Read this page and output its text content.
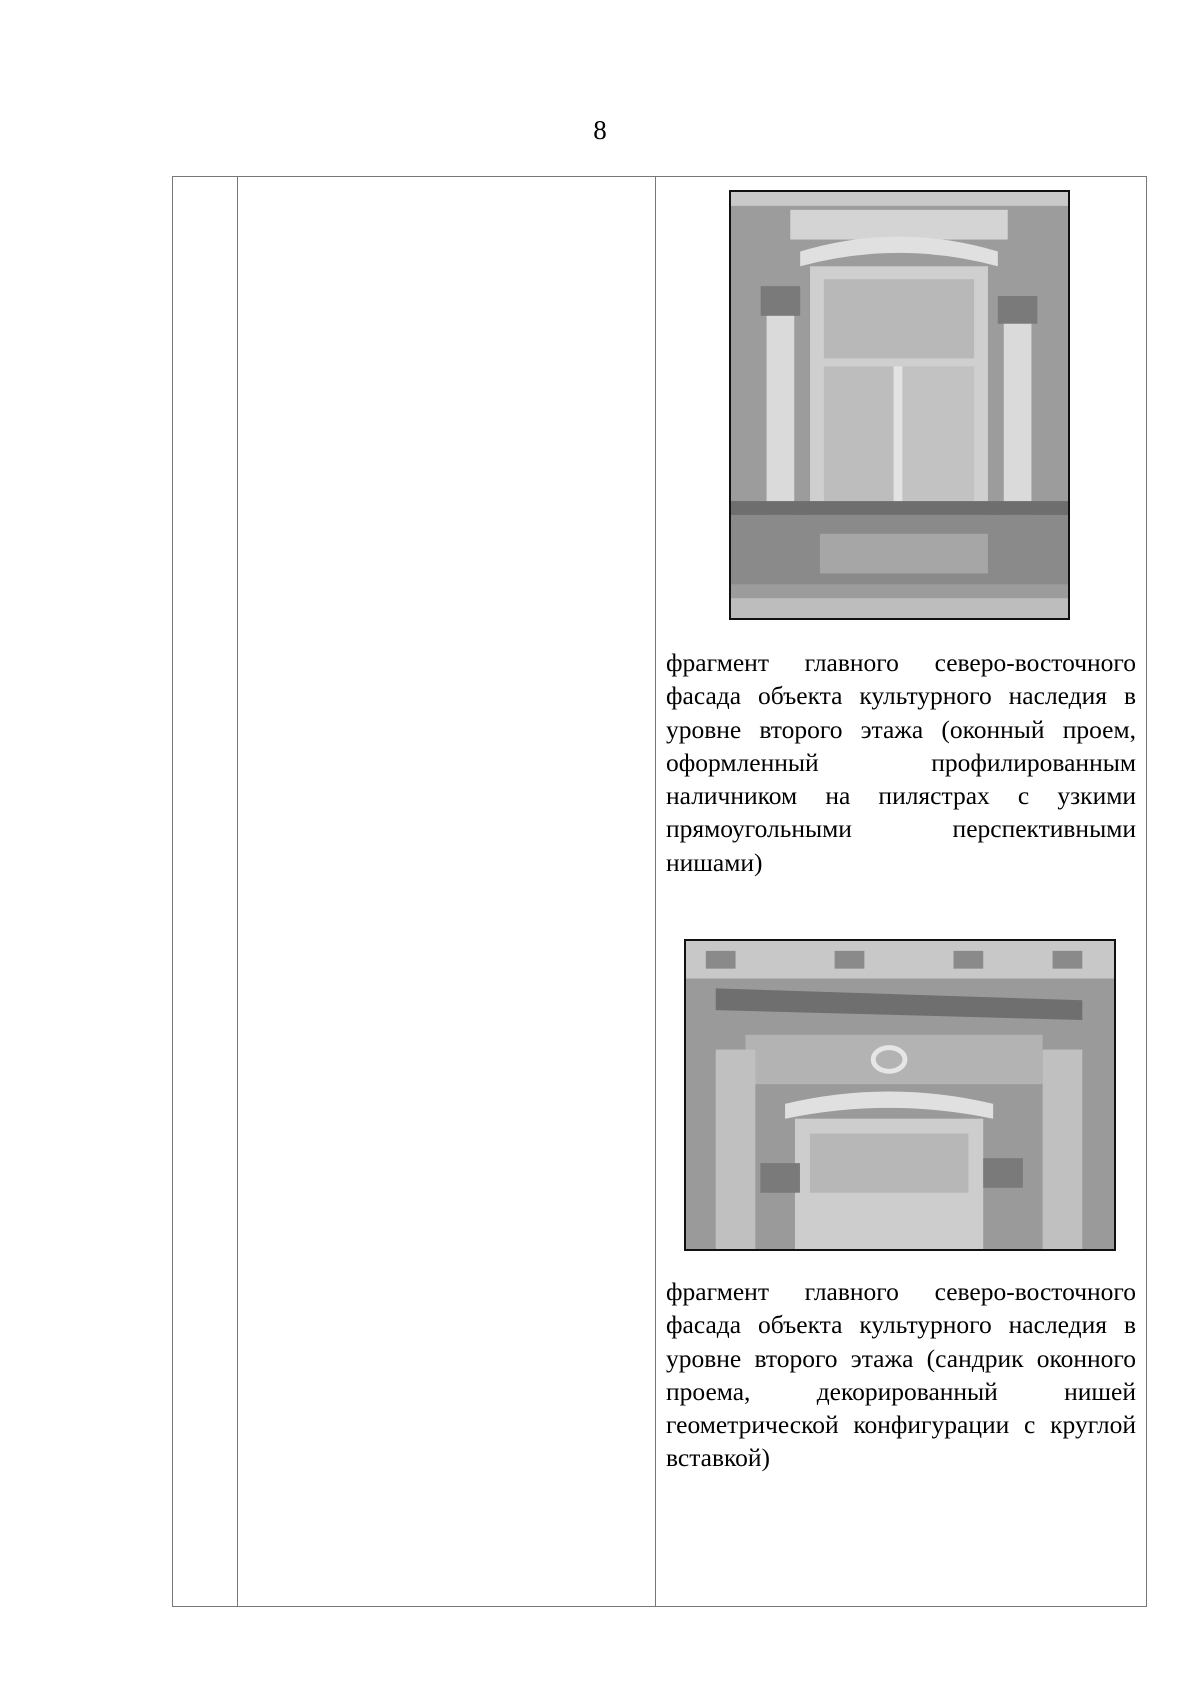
8

фрагмент главного северо-восточного фасада объекта культурного наследия в уровне второго этажа (оконный проем, оформленный профилированным наличником на пилястрах с узкими прямоугольными перспективными нишами)

фрагмент главного северо-восточного фасада объекта культурного наследия в уровне второго этажа (сандрик оконного проема, декорированный нишей геометрической конфигурации с круглой вставкой)
